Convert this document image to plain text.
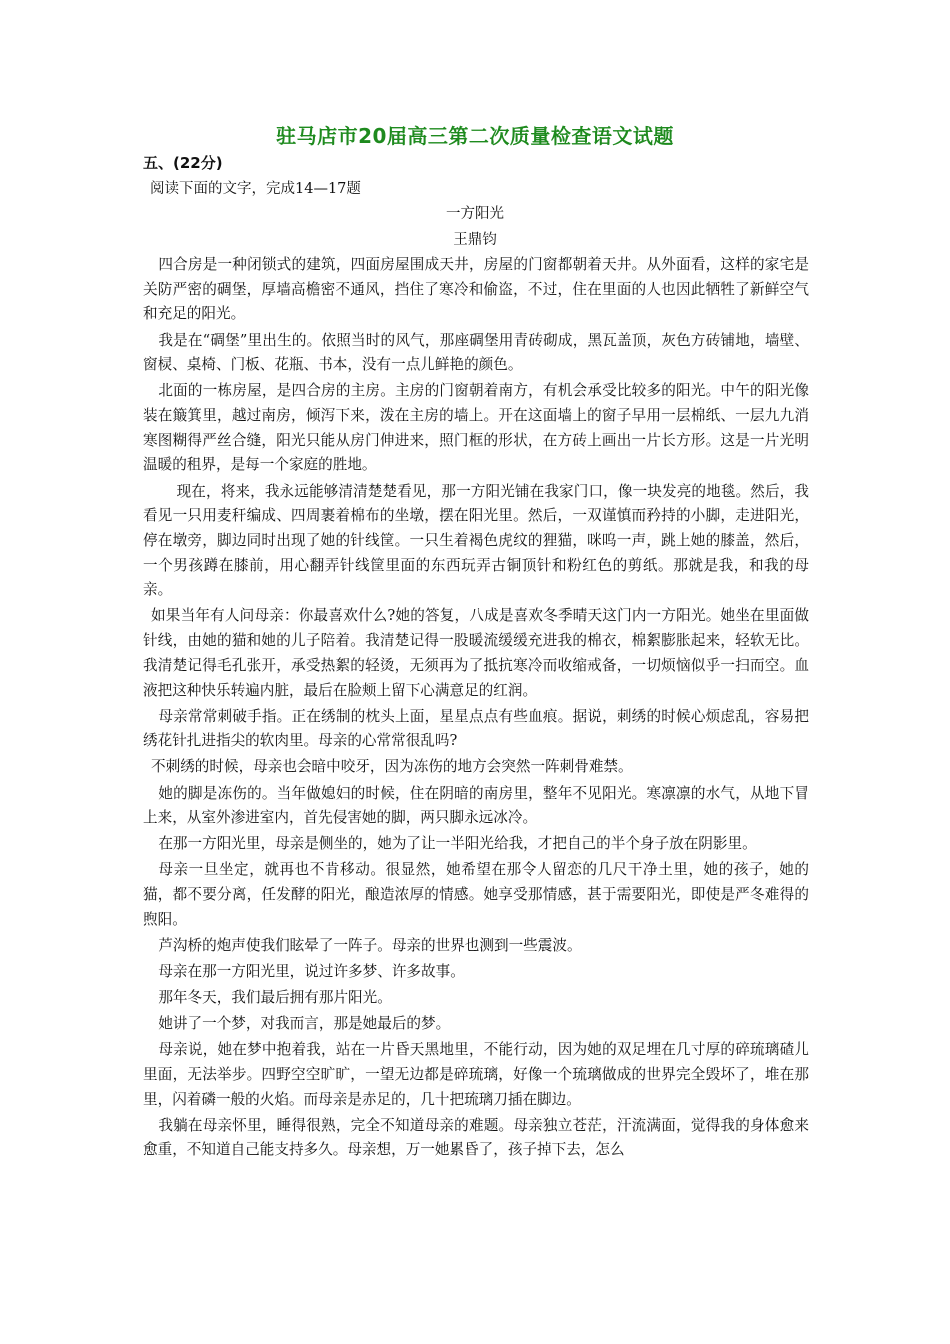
驻马店市20届高三第二次质量检查语文试题
五、(22分)
阅读下面的文字，完成14—17题
一方阳光
王鼎钧

四合房是一种闭锁式的建筑，四面房屋围成天井，房屋的门窗都朝着天井。从外面看，这样的家宅是关防严密的碉堡，厚墙高檐密不通风，挡住了寒冷和偷盗，不过，住在里面的人也因此牺牲了新鲜空气和充足的阳光。

我是在“碉堡”里出生的。依照当时的风气，那座碉堡用青砖砌成，黑瓦盖顶，灰色方砖铺地，墙壁、窗棂、桌椅、门板、花瓶、书本，没有一点儿鲜艳的颜色。

北面的一栋房屋，是四合房的主房。主房的门窗朝着南方，有机会承受比较多的阳光。中午的阳光像装在簸箕里，越过南房，倾泻下来，泼在主房的墙上。开在这面墙上的窗子早用一层棉纸、一层九九消寒图糊得严丝合缝，阳光只能从房门伸进来，照门框的形状，在方砖上画出一片长方形。这是一片光明温暖的租界，是每一个家庭的胜地。

现在，将来，我永远能够清清楚楚看见，那一方阳光铺在我家门口，像一块发亮的地毯。然后，我看见一只用麦秆编成、四周裹着棉布的坐墩，摆在阳光里。然后，一双谨慎而矜持的小脚，走进阳光，停在墩旁，脚边同时出现了她的针线筐。一只生着褐色虎纹的狸猫，咪呜一声，跳上她的膝盖，然后，一个男孩蹲在膝前，用心翻弄针线筐里面的东西玩弄古铜顶针和粉红色的剪纸。那就是我，和我的母亲。

如果当年有人问母亲：你最喜欢什么?她的答复，八成是喜欢冬季晴天这门内一方阳光。她坐在里面做针线，由她的猫和她的儿子陪着。我清楚记得一股暖流缓缓充进我的棉衣，棉絮膨胀起来，轻软无比。我清楚记得毛孔张开，承受热絮的轻烫，无须再为了抵抗寒冷而收缩戒备，一切烦恼似乎一扫而空。血液把这种快乐转遍内脏，最后在脸颊上留下心满意足的红润。

母亲常常刺破手指。正在绣制的枕头上面，星星点点有些血痕。据说，刺绣的时候心烦虑乱，容易把绣花针扎进指尖的软肉里。母亲的心常常很乱吗?

不刺绣的时候，母亲也会暗中咬牙，因为冻伤的地方会突然一阵刺骨难禁。

她的脚是冻伤的。当年做媳妇的时候，住在阴暗的南房里，整年不见阳光。寒凛凛的水气，从地下冒上来，从室外渗进室内，首先侵害她的脚，两只脚永远冰冷。

在那一方阳光里，母亲是侧坐的，她为了让一半阳光给我，才把自己的半个身子放在阴影里。

母亲一旦坐定，就再也不肯移动。很显然，她希望在那令人留恋的几尺干净土里，她的孩子，她的猫，都不要分离，任发酵的阳光，酿造浓厚的情感。她享受那情感，甚于需要阳光，即使是严冬难得的煦阳。

芦沟桥的炮声使我们眩晕了一阵子。母亲的世界也测到一些震波。

母亲在那一方阳光里，说过许多梦、许多故事。

那年冬天，我们最后拥有那片阳光。

她讲了一个梦，对我而言，那是她最后的梦。

母亲说，她在梦中抱着我，站在一片昏天黑地里，不能行动，因为她的双足埋在几寸厚的碎琉璃碴儿里面，无法举步。四野空空旷旷，一望无边都是碎琉璃，好像一个琉璃做成的世界完全毁坏了，堆在那里，闪着磷一般的火焰。而母亲是赤足的，几十把琉璃刀插在脚边。

我躺在母亲怀里，睡得很熟，完全不知道母亲的难题。母亲独立苍茫，汗流满面，觉得我的身体愈来愈重，不知道自己能支持多久。母亲想，万一她累昏了，孩子掉下去，怎么
